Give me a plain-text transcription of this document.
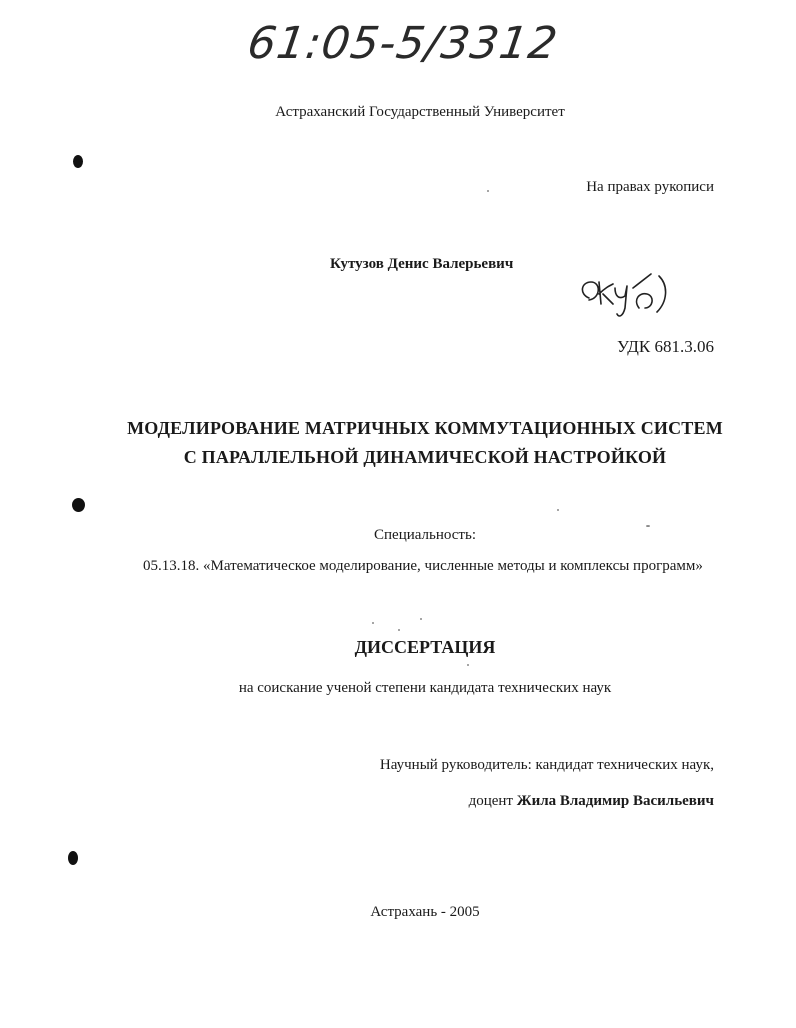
61:05-5/3312
Астраханский Государственный Университет
На правах рукописи
Кутузов Денис Валерьевич
УДК 681.3.06
МОДЕЛИРОВАНИЕ МАТРИЧНЫХ КОММУТАЦИОННЫХ СИСТЕМ
С ПАРАЛЛЕЛЬНОЙ ДИНАМИЧЕСКОЙ НАСТРОЙКОЙ
Специальность:
05.13.18. «Математическое моделирование, численные методы и комплексы программ»
ДИССЕРТАЦИЯ
на соискание ученой степени кандидата технических наук
Научный руководитель: кандидат технических наук,
доцент Жила Владимир Васильевич
Астрахань - 2005
